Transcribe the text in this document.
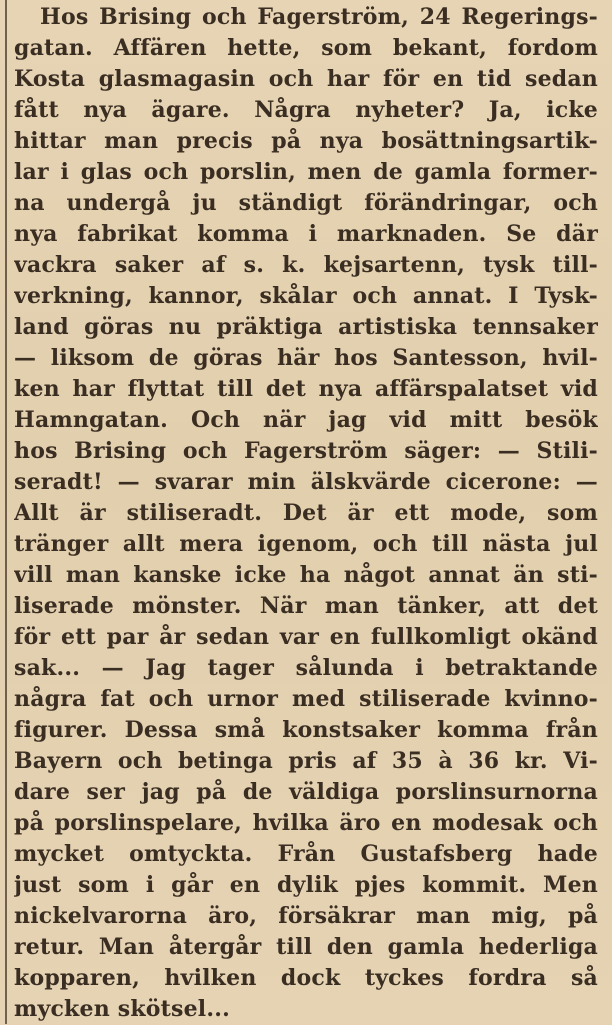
Hos Brising och Fagerström, 24 Regerings-
gatan. Affären hette, som bekant, fordom
Kosta glasmagasin och har för en tid sedan
fått nya ägare. Några nyheter? Ja, icke
hittar man precis på nya bosättningsartik-
lar i glas och porslin, men de gamla former-
na undergå ju ständigt förändringar, och
nya fabrikat komma i marknaden. Se där
vackra saker af s. k. kejsartenn, tysk till-
verkning, kannor, skålar och annat. I Tysk-
land göras nu präktiga artistiska tennsaker
— liksom de göras här hos Santesson, hvil-
ken har flyttat till det nya affärspalatset vid
Hamngatan. Och när jag vid mitt besök
hos Brising och Fagerström säger: — Stili-
seradt! — svarar min älskvärde cicerone: —
Allt är stiliseradt. Det är ett mode, som
tränger allt mera igenom, och till nästa jul
vill man kanske icke ha något annat än sti-
liserade mönster. När man tänker, att det
för ett par år sedan var en fullkomligt okänd
sak... — Jag tager sålunda i betraktande
några fat och urnor med stiliserade kvinno-
figurer. Dessa små konstsaker komma från
Bayern och betinga pris af 35 à 36 kr. Vi-
dare ser jag på de väldiga porslinsurnorna
på porslinspelare, hvilka äro en modesak och
mycket omtyckta. Från Gustafsberg hade
just som i går en dylik pjes kommit. Men
nickelvarorna äro, försäkrar man mig, på
retur. Man återgår till den gamla hederliga
kopparen, hvilken dock tyckes fordra så
mycken skötsel...
